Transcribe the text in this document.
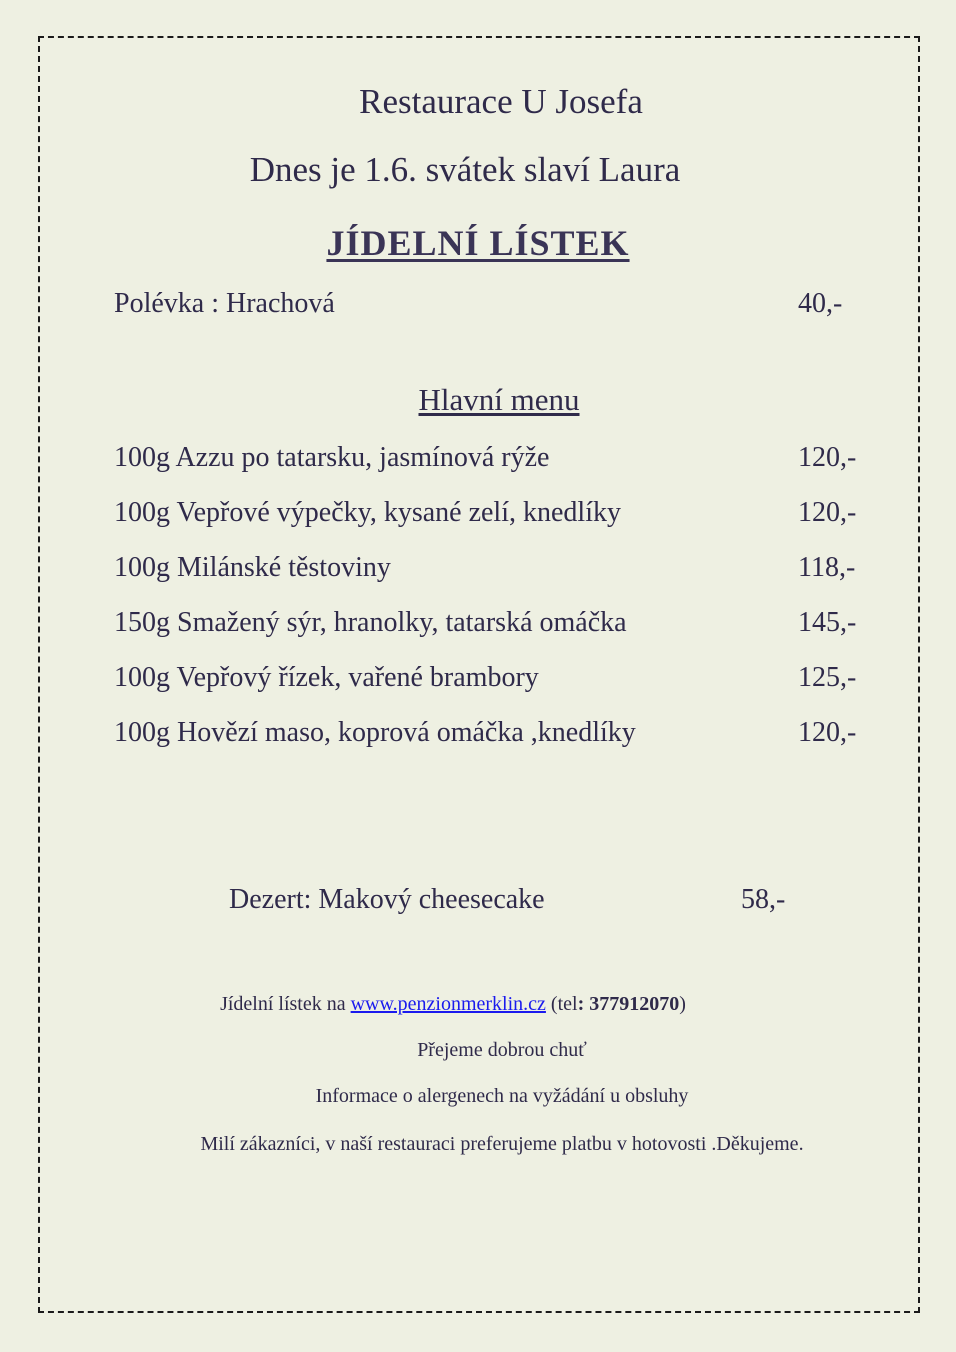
Restaurace U Josefa
Dnes je 1.6. svátek slaví Laura
JÍDELNÍ LÍSTEK
Polévka : Hrachová	40,-
Hlavní menu
100g Azzu po tatarsku, jasmínová rýže	120,-
100g Vepřové výpečky, kysané zelí, knedlíky	120,-
100g Milánské těstoviny	118,-
150g Smažený sýr, hranolky, tatarská omáčka	145,-
100g Vepřový řízek, vařené brambory	125,-
100g Hovězí maso, koprová omáčka ,knedlíky	120,-
Dezert: Makový cheesecake	58,-
Jídelní lístek na www.penzionmerklin.cz (tel: 377912070)
Přejeme dobrou chuť
Informace o alergenech na vyžádání u obsluhy
Milí zákazníci, v naší restauraci preferujeme platbu v hotovosti .Děkujeme.
